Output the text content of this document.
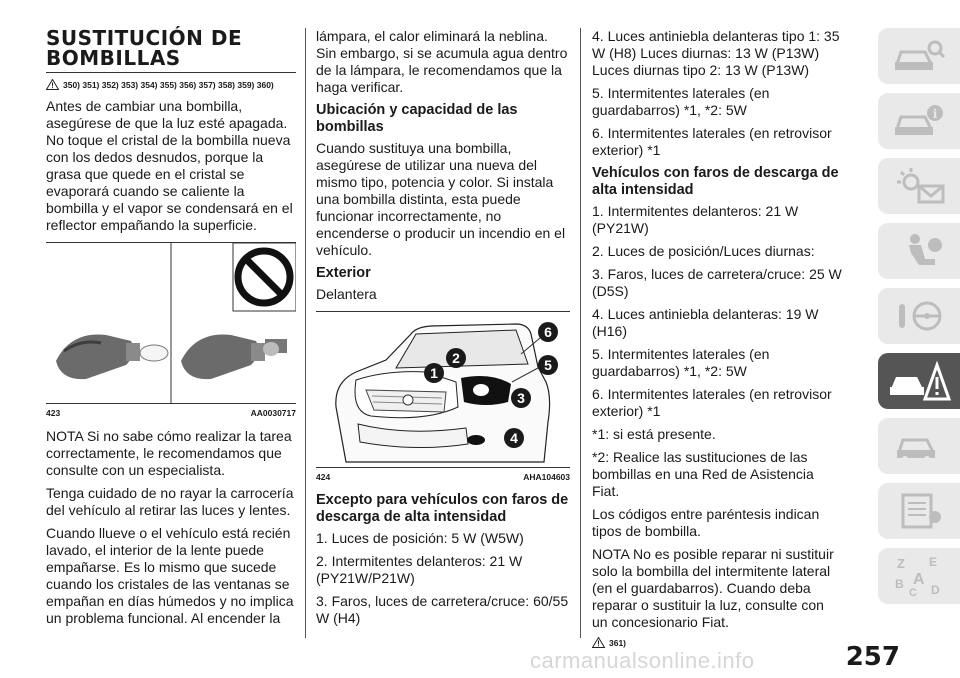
SUSTITUCIÓN DE BOMBILLAS
350) 351) 352) 353) 354) 355) 356) 357) 358) 359) 360)

Antes de cambiar una bombilla, asegúrese de que la luz esté apagada. No toque el cristal de la bombilla nueva con los dedos desnudos, porque la grasa que quede en el cristal se evaporará cuando se caliente la bombilla y el vapor se condensará en el reflector empañando la superficie.

423	AA0030717

NOTA Si no sabe cómo realizar la tarea correctamente, le recomendamos que consulte con un especialista.

Tenga cuidado de no rayar la carrocería del vehículo al retirar las luces y lentes.

Cuando llueve o el vehículo está recién lavado, el interior de la lente puede empañarse. Es lo mismo que sucede cuando los cristales de las ventanas se empañan en días húmedos y no implica un problema funcional. Al encender la

lámpara, el calor eliminará la neblina. Sin embargo, si se acumula agua dentro de la lámpara, le recomendamos que la haga verificar.

Ubicación y capacidad de las bombillas

Cuando sustituya una bombilla, asegúrese de utilizar una nueva del mismo tipo, potencia y color. Si instala una bombilla distinta, esta puede funcionar incorrectamente, no encenderse o producir un incendio en el vehículo.

Exterior

Delantera

1
2
3
4
5
6
424	AHA104603
Excepto para vehículos con faros de descarga de alta intensidad

1. Luces de posición: 5 W (W5W)

2. Intermitentes delanteros: 21 W (PY21W/P21W)

3. Faros, luces de carretera/cruce: 60/55 W (H4)

4. Luces antiniebla delanteras tipo 1: 35 W (H8) Luces diurnas: 13 W (P13W) Luces diurnas tipo 2: 13 W (P13W)

5. Intermitentes laterales (en guardabarros) *1, *2: 5W

6. Intermitentes laterales (en retrovisor exterior) *1

Vehículos con faros de descarga de alta intensidad

1. Intermitentes delanteros: 21 W (PY21W)

2. Luces de posición/Luces diurnas:

3. Faros, luces de carretera/cruce: 25 W (D5S)

4. Luces antiniebla delanteras: 19 W (H16)

5. Intermitentes laterales (en guardabarros) *1, *2: 5W

6. Intermitentes laterales (en retrovisor exterior) *1

*1: si está presente.

*2: Realice las sustituciones de las bombillas en una Red de Asistencia Fiat.

Los códigos entre paréntesis indican tipos de bombilla.

NOTA No es posible reparar ni sustituir solo la bombilla del intermitente lateral (en el guardabarros). Cuando deba reparar o sustituir la luz, consulte con un concesionario Fiat.

361)
i
Z E
B A
C D
carmanualsonline.info	257
